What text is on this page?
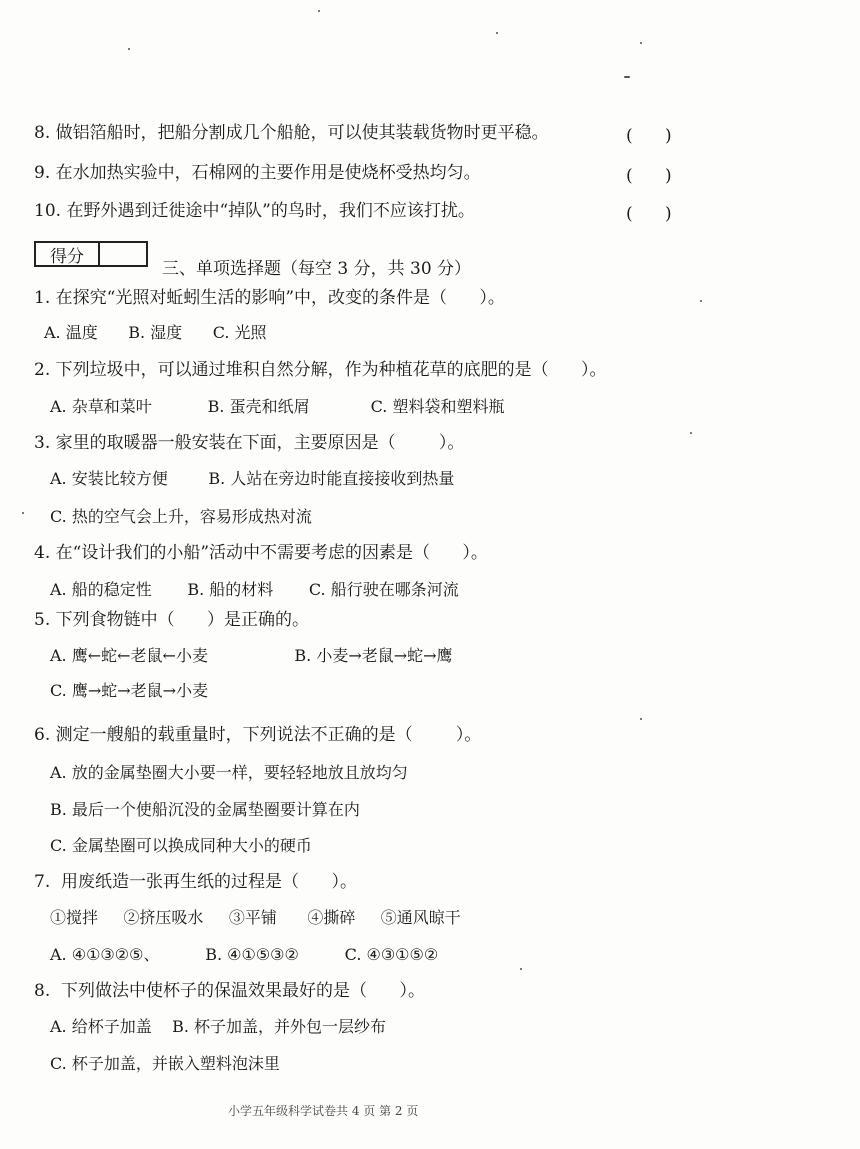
8. 做铝箔船时，把船分割成几个船舱，可以使其装载货物时更平稳。	(      )
9. 在水加热实验中，石棉网的主要作用是使烧杯受热均匀。	(      )
10. 在野外遇到迁徙途中“掉队”的鸟时，我们不应该打扰。	(      )
得分
三、单项选择题（每空 3 分，共 30 分）
1. 在探究“光照对蚯蚓生活的影响”中，改变的条件是（      ）。
A. 温度      B. 湿度      C. 光照
2. 下列垃圾中，可以通过堆积自然分解，作为种植花草的底肥的是（      ）。
A. 杂草和菜叶           B. 蛋壳和纸屑            C. 塑料袋和塑料瓶
3. 家里的取暖器一般安装在下面，主要原因是（        ）。
A. 安装比较方便        B. 人站在旁边时能直接接收到热量
C. 热的空气会上升，容易形成热对流
4. 在“设计我们的小船”活动中不需要考虑的因素是（      ）。
A. 船的稳定性       B. 船的材料       C. 船行驶在哪条河流
5. 下列食物链中（      ）是正确的。
A. 鹰←蛇←老鼠←小麦                 B. 小麦→老鼠→蛇→鹰
C. 鹰→蛇→老鼠→小麦
6. 测定一艘船的载重量时，下列说法不正确的是（        ）。
A. 放的金属垫圈大小要一样，要轻轻地放且放均匀
B. 最后一个使船沉没的金属垫圈要计算在内
C. 金属垫圈可以换成同种大小的硬币
7.  用废纸造一张再生纸的过程是（      ）。
①搅拌     ②挤压吸水     ③平铺      ④撕碎     ⑤通风晾干
A. ④①③②⑤、         B. ④①⑤③②         C. ④③①⑤②
8.  下列做法中使杯子的保温效果最好的是（      ）。
A. 给杯子加盖    B. 杯子加盖，并外包一层纱布
C. 杯子加盖，并嵌入塑料泡沫里
小学五年级科学试卷共 4 页 第 2 页
